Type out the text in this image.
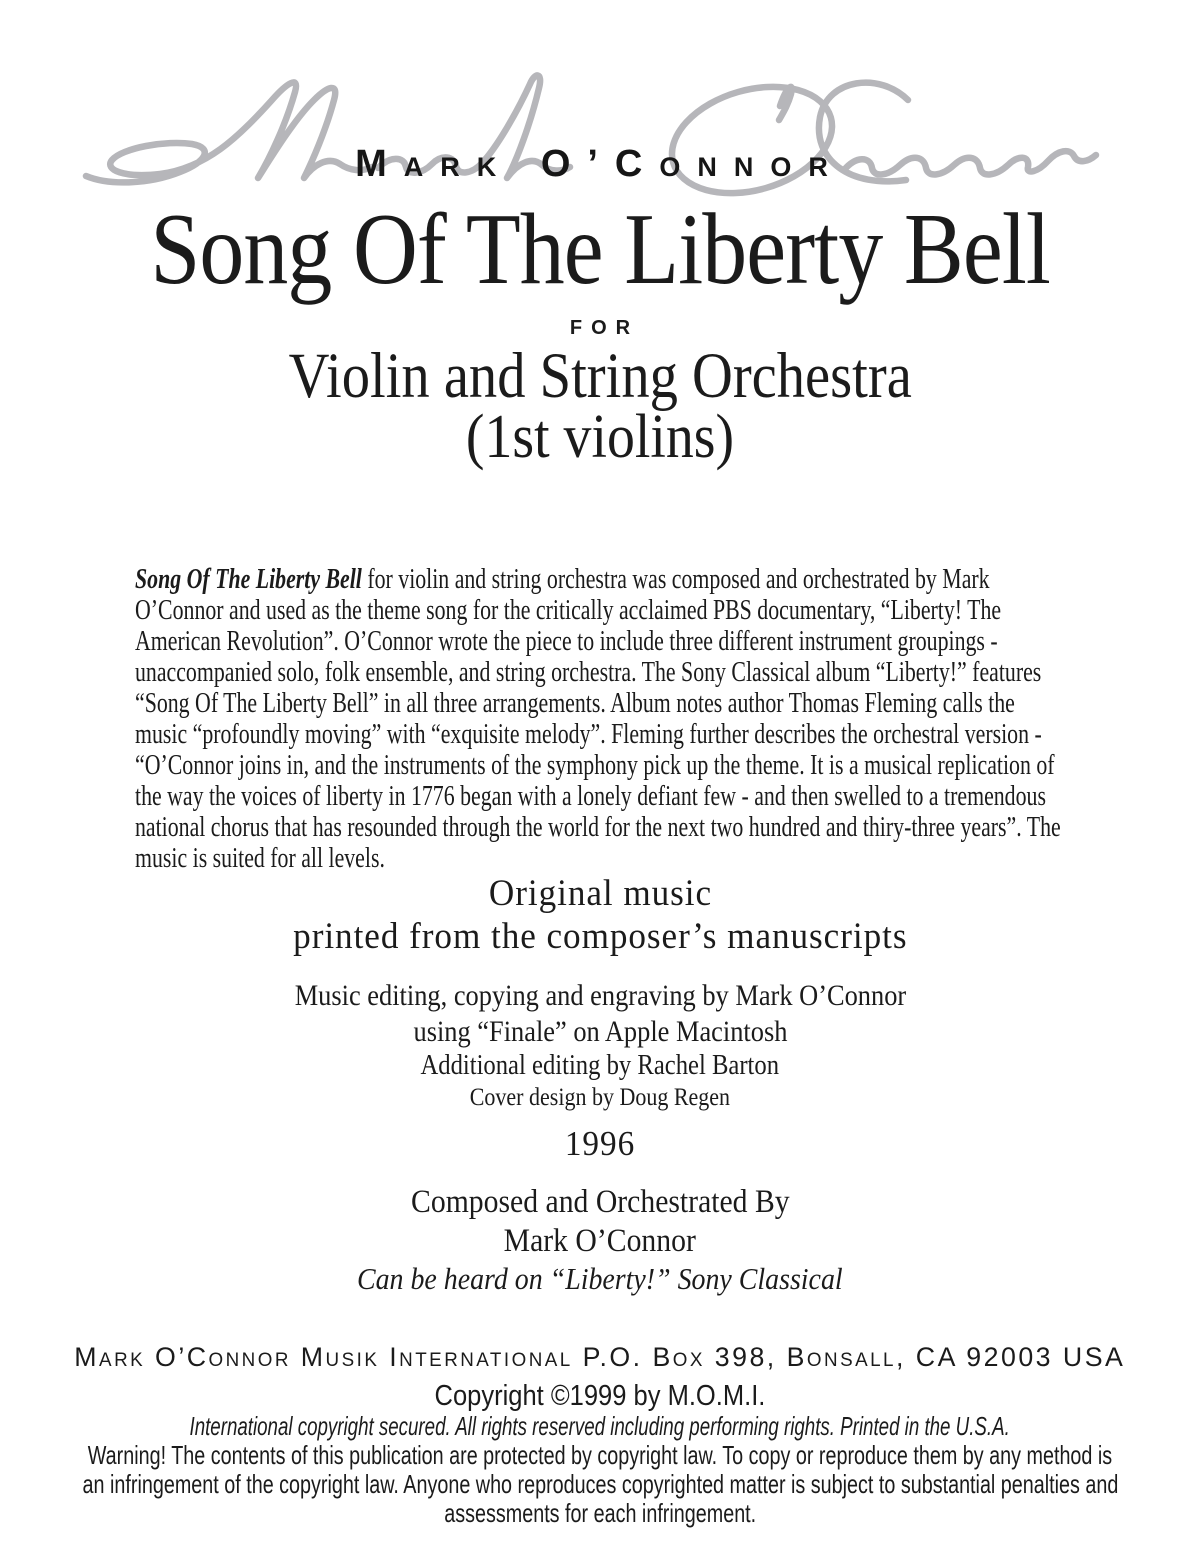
Mark O’Connor
Song Of The Liberty Bell
FOR
Violin and String Orchestra
(1st violins)

Song Of The Liberty Bell for violin and string orchestra was composed and orchestrated by Mark O’Connor and used as the theme song for the critically acclaimed PBS documentary, “Liberty! The American Revolution”. O’Connor wrote the piece to include three different instrument groupings - unaccompanied solo, folk ensemble, and string orchestra. The Sony Classical album “Liberty!” features “Song Of The Liberty Bell” in all three arrangements. Album notes author Thomas Fleming calls the music “profoundly moving” with “exquisite melody”. Fleming further describes the orchestral version - “O’Connor joins in, and the instruments of the symphony pick up the theme. It is a musical replication of the way the voices of liberty in 1776 began with a lonely defiant few - and then swelled to a tremendous national chorus that has resounded through the world for the next two hundred and thiry-three years”. The music is suited for all levels.

Original music
printed from the composer’s manuscripts
Music editing, copying and engraving by Mark O’Connor
using “Finale” on Apple Macintosh
Additional editing by Rachel Barton
Cover design by Doug Regen
1996
Composed and Orchestrated By
Mark O’Connor
Can be heard on “Liberty!” Sony Classical
Mark O’Connor Musik International P.O. Box 398, Bonsall, CA 92003 USA
Copyright ©1999 by M.O.M.I.
International copyright secured. All rights reserved including performing rights. Printed in the U.S.A.
Warning! The contents of this publication are protected by copyright law. To copy or reproduce them by any method is
an infringement of the copyright law. Anyone who reproduces copyrighted matter is subject to substantial penalties and
assessments for each infringement.
